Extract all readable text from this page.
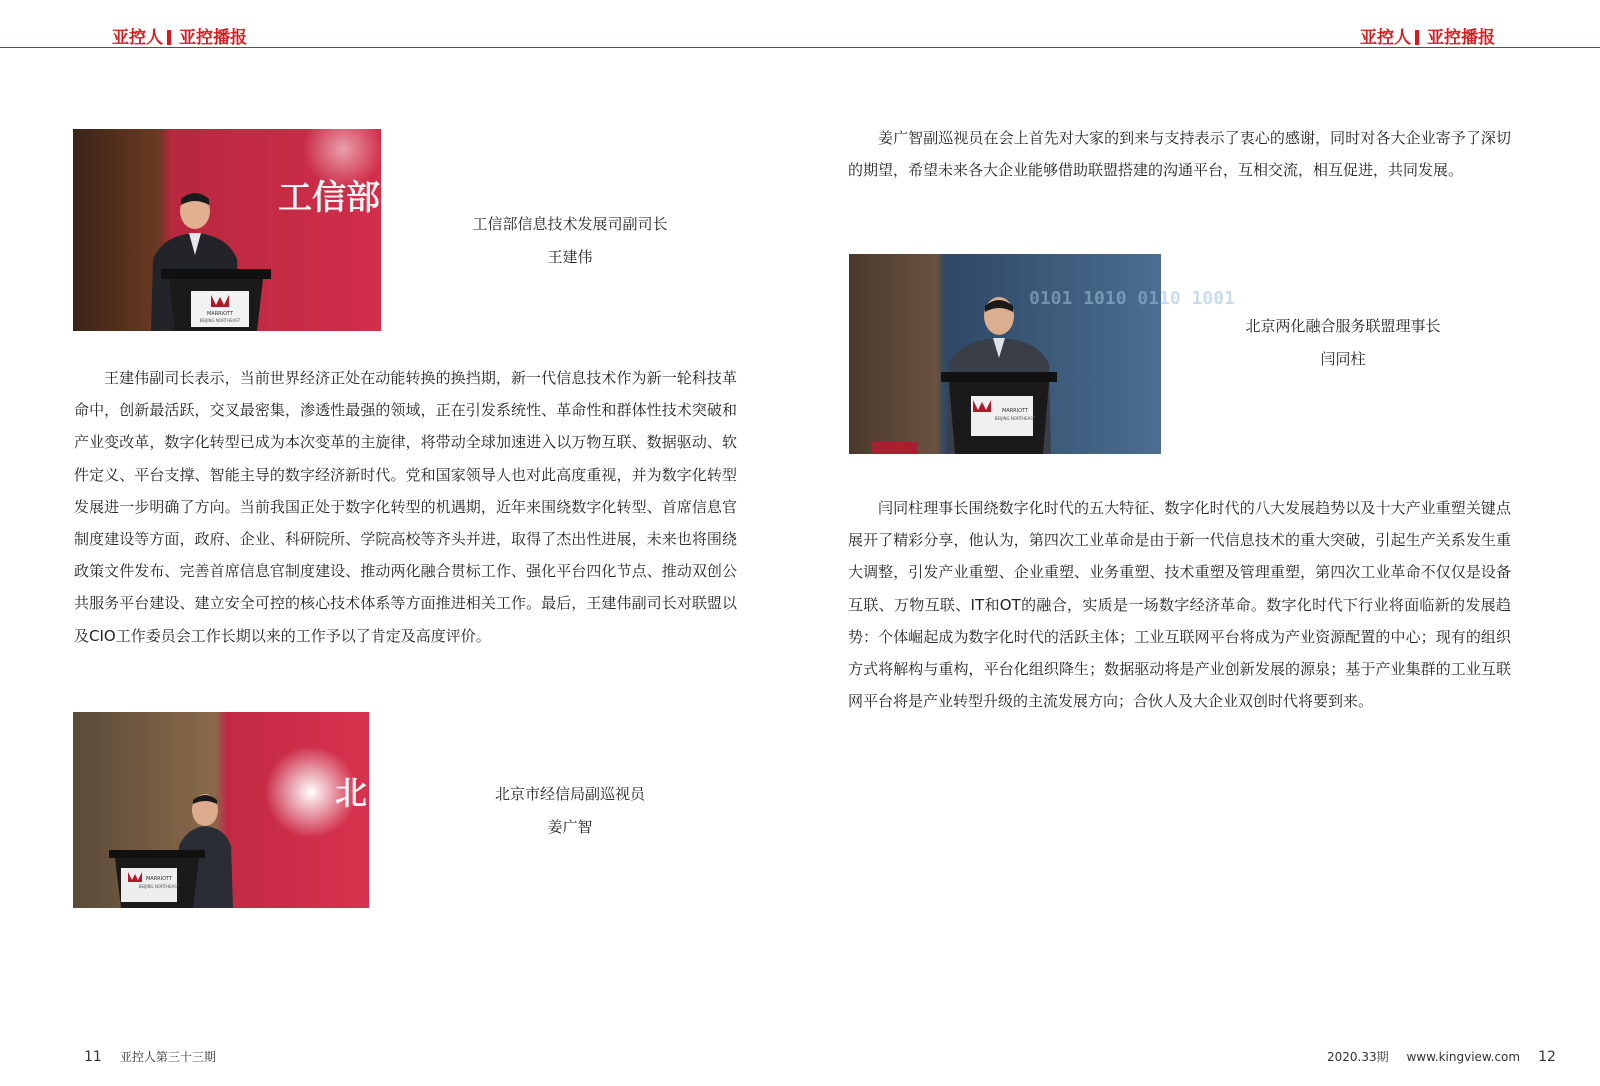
亚控人 亚控播报	亚控人 亚控播报
工信部
MARRIOTT
BEIJING NORTHEAST
工信部信息技术发展司副司长
王建伟

王建伟副司长表示，当前世界经济正处在动能转换的换挡期，新一代信息技术作为新一轮科技革命中，创新最活跃，交叉最密集，渗透性最强的领域，正在引发系统性、革命性和群体性技术突破和产业变改革，数字化转型已成为本次变革的主旋律，将带动全球加速进入以万物互联、数据驱动、软件定义、平台支撑、智能主导的数字经济新时代。党和国家领导人也对此高度重视，并为数字化转型发展进一步明确了方向。当前我国正处于数字化转型的机遇期，近年来围绕数字化转型、首席信息官制度建设等方面，政府、企业、科研院所、学院高校等齐头并进，取得了杰出性进展，未来也将围绕政策文件发布、完善首席信息官制度建设、推动两化融合贯标工作、强化平台四化节点、推动双创公共服务平台建设、建立安全可控的核心技术体系等方面推进相关工作。最后，王建伟副司长对联盟以及CIO工作委员会工作长期以来的工作予以了肯定及高度评价。

北
MARRIOTT
BEIJING NORTHEAST
北京市经信局副巡视员
姜广智

姜广智副巡视员在会上首先对大家的到来与支持表示了衷心的感谢，同时对各大企业寄予了深切的期望，希望未来各大企业能够借助联盟搭建的沟通平台，互相交流，相互促进，共同发展。

0101 1010 0110 1001
MARRIOTT
BEIJING NORTHEAST
北京两化融合服务联盟理事长
闫同柱

闫同柱理事长围绕数字化时代的五大特征、数字化时代的八大发展趋势以及十大产业重塑关键点展开了精彩分享，他认为，第四次工业革命是由于新一代信息技术的重大突破，引起生产关系发生重大调整，引发产业重塑、企业重塑、业务重塑、技术重塑及管理重塑，第四次工业革命不仅仅是设备互联、万物互联、IT和OT的融合，实质是一场数字经济革命。数字化时代下行业将面临新的发展趋势：个体崛起成为数字化时代的活跃主体；工业互联网平台将成为产业资源配置的中心；现有的组织方式将解构与重构，平台化组织降生；数据驱动将是产业创新发展的源泉；基于产业集群的工业互联网平台将是产业转型升级的主流发展方向；合伙人及大企业双创时代将要到来。

11 亚控人第三十三期	2020.33期 www.kingview.com 12
